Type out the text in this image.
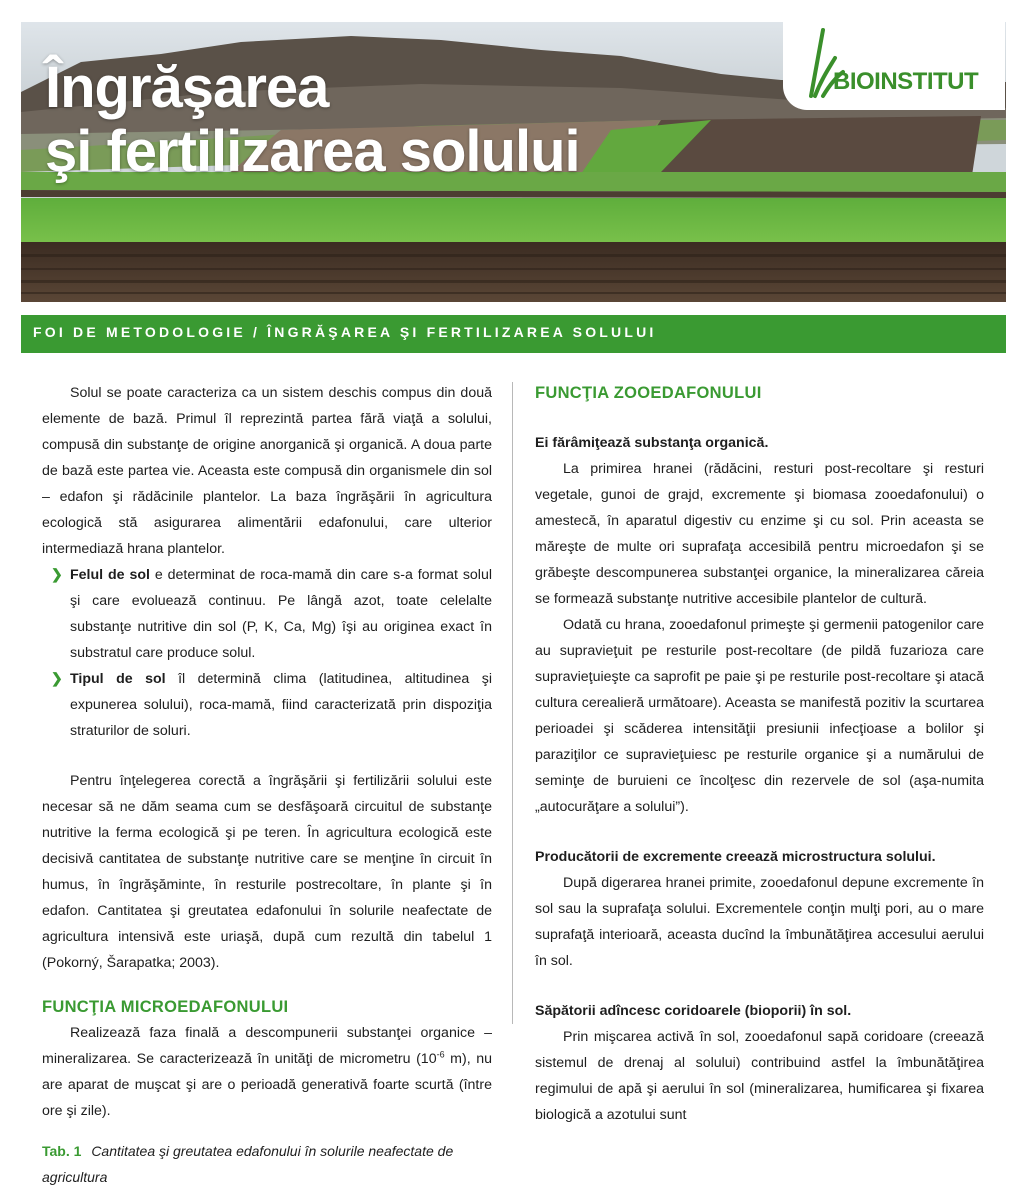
Îngrăşarea
şi fertilizarea solului
BIOINSTITUT
FOI DE METODOLOGIE / ÎNGRĂŞAREA ŞI FERTILIZAREA SOLULUI

Solul se poate caracteriza ca un sistem deschis compus din două elemente de bază. Primul îl reprezintă partea fără viaţă a solului, compusă din substanţe de origine anorganică şi organică. A doua parte de bază este partea vie. Aceasta este compusă din organismele din sol – edafon şi rădăcinile plantelor. La baza îngrăşării în agricultura ecologică stă asigurarea alimentării edafonului, care ulterior intermediază hrana plantelor.

❯ Felul de sol e determinat de roca-mamă din care s-a format solul şi care evoluează continuu. Pe lângă azot, toate celelalte substanţe nutritive din sol (P, K, Ca, Mg) îşi au originea exact în substratul care produce solul.
❯ Tipul de sol îl determină clima (latitudinea, altitudinea şi expunerea solului), roca-mamă, fiind caracterizată prin dispoziţia straturilor de soluri.

Pentru înţelegerea corectă a îngrăşării şi fertilizării solului este necesar să ne dăm seama cum se desfăşoară circuitul de substanţe nutritive la ferma ecologică şi pe teren. În agricultura ecologică este decisivă cantitatea de substanţe nutritive care se menţine în circuit în humus, în îngrăşăminte, în resturile postrecoltare, în plante şi în edafon. Cantitatea şi greutatea edafonului în solurile neafectate de agricultura intensivă este uriaşă, după cum rezultă din tabelul 1 (Pokorný, Šarapatka; 2003).

FUNCŢIA MICROEDAFONULUI

Realizează faza finală a descompunerii substanţei organice – mineralizarea. Se caracterizează în unităţi de micrometru ($10^{-6}$ m), nu are aparat de muşcat şi are o perioadă generativă foarte scurtă (între ore şi zile).

Tab. 1 Cantitatea şi greutatea edafonului în solurile neafectate de agricultura
FUNCŢIA ZOOEDAFONULUI

Ei fărâmiţează substanţa organică.

La primirea hranei (rădăcini, resturi post-recoltare şi resturi vegetale, gunoi de grajd, excremente şi biomasa zooedafonului) o amestecă, în aparatul digestiv cu enzime şi cu sol. Prin aceasta se măreşte de multe ori suprafaţa accesibilă pentru microedafon şi se grăbeşte descompunerea substanţei organice, la mineralizarea căreia se formează substanţe nutritive accesibile plantelor de cultură.

Odată cu hrana, zooedafonul primeşte şi germenii patogenilor care au supravieţuit pe resturile post-recoltare (de pildă fuzarioza care supravieţuieşte ca saprofit pe paie şi pe resturile post-recoltare şi atacă cultura cerealieră următoare). Aceasta se manifestă pozitiv la scurtarea perioadei şi scăderea intensităţii presiunii infecţioase a bolilor şi paraziţilor ce supravieţuiesc pe resturile organice şi a numărului de seminţe de buruieni ce încolţesc din rezervele de sol (aşa-numita „autocurăţare a solului”).

Producătorii de excremente creează microstructura solului.

După digerarea hranei primite, zooedafonul depune excremente în sol sau la suprafaţa solului. Excrementele conţin mulţi pori, au o mare suprafaţă interioară, aceasta ducînd la îmbunătăţirea accesului aerului în sol.

Săpătorii adîncesc coridoarele (bioporii) în sol.

Prin mişcarea activă în sol, zooedafonul sapă coridoare (creează sistemul de drenaj al solului) contribuind astfel la îmbunătăţirea regimului de apă şi aerului în sol (mineralizarea, humificarea şi fixarea biologică a azotului sunt
